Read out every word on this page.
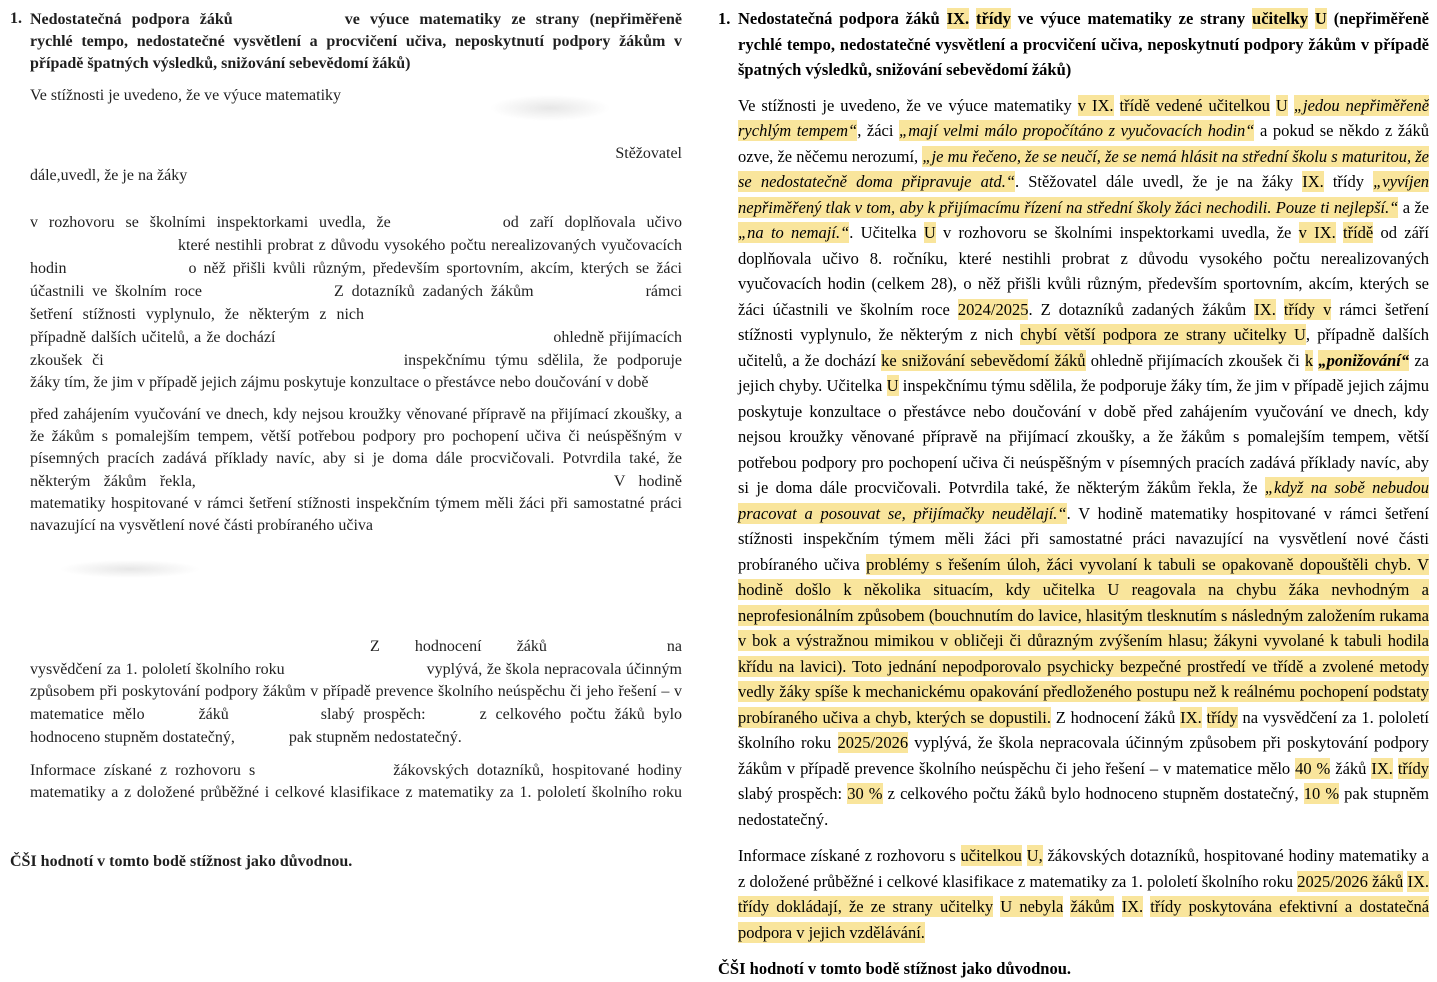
1. Nedostatečná podpora žáků	ve výuce matematiky ze strany (nepřiměřeně rychlé tempo, nedostatečné vysvětlení a procvičení učiva, neposkytnutí podpory žákům v případě špatných výsledků, snižování sebevědomí žáků)
Ve stížnosti je uvedeno, že ve výuce matematiky
Stěžovatel
dále,uvedl, že je na žáky
v rozhovoru se školními inspektorkami uvedla, že	od zaří doplňovala učivokteré nestihli probrat z důvodu vysokého počtu nerealizovaných vyučovacích hodin	o něž přišli kvůli různým, především sportovním, akcím, kterých se žáci účastnili ve školním roce	Z dotazníků zadaných žákům	rámci šetření stížnosti vyplynulo, že některým z nichpřípadně dalších učitelů, a že dochází	ohledně přijímacích zkoušek či	inspekčnímu týmu sdělila, že podporuje žáky tím, že jim v případě jejich zájmu poskytuje konzultace o přestávce nebo doučování v době
před zahájením vyučování ve dnech, kdy nejsou kroužky věnované přípravě na přijímací zkoušky, a že žákům s pomalejším tempem, větší potřebou podpory pro pochopení učiva či neúspěšným v písemných pracích zadává příklady navíc, aby si je doma dále procvičovali. Potvrdila také, že některým žákům řekla,	V hodině matematiky hospitované v rámci šetření stížnosti inspekčním týmem měli žáci při samostatné práci navazující na vysvětlení nové části probíraného učiva
Z hodnocení žáků	na vysvědčení za 1. pololetí školního roku	vyplývá, že škola nepracovala účinným způsobem při poskytování podpory žákům v případě prevence školního neúspěchu či jeho řešení – v matematice mělo	žáků	slabý prospěch:	z celkového počtu žáků bylo hodnoceno stupněm dostatečný,	pak stupněm nedostatečný.
Informace získané z rozhovoru s	žákovských dotazníků, hospitované hodiny matematiky a z doložené průběžné i celkové klasifikace z matematiky za 1. pololetí školního roku
ČŠI hodnotí v tomto bodě stížnost jako důvodnou.
1. Nedostatečná podpora žáků IX. třídy ve výuce matematiky ze strany učitelky U (nepřiměřeně rychlé tempo, nedostatečné vysvětlení a procvičení učiva, neposkytnutí podpory žákům v případě špatných výsledků, snižování sebevědomí žáků)
Ve stížnosti je uvedeno, že ve výuce matematiky v IX. třídě vedené učitelkou U „jedou nepřiměřeně rychlým tempem“, žáci „mají velmi málo propočítáno z vyučovacích hodin“ a pokud se někdo z žáků ozve, že něčemu nerozumí, „je mu řečeno, že se neučí, že se nemá hlásit na střední školu s maturitou, že se nedostatečně doma připravuje atd.“. Stěžovatel dále uvedl, že je na žáky IX. třídy „vyvíjen nepřiměřený tlak v tom, aby k přijímacímu řízení na střední školy žáci nechodili. Pouze ti nejlepší.“ a že „na to nemají.“. Učitelka U v rozhovoru se školními inspektorkami uvedla, že v IX. třídě od září doplňovala učivo 8. ročníku, které nestihli probrat z důvodu vysokého počtu nerealizovaných vyučovacích hodin (celkem 28), o něž přišli kvůli různým, především sportovním, akcím, kterých se žáci účastnili ve školním roce 2024/2025. Z dotazníků zadaných žákům IX. třídy v rámci šetření stížnosti vyplynulo, že některým z nich chybí větší podpora ze strany učitelky U, případně dalších učitelů, a že dochází ke snižování sebevědomí žáků ohledně přijímacích zkoušek či k „ponižování“ za jejich chyby. Učitelka U inspekčnímu týmu sdělila, že podporuje žáky tím, že jim v případě jejich zájmu poskytuje konzultace o přestávce nebo doučování v době před zahájením vyučování ve dnech, kdy nejsou kroužky věnované přípravě na přijímací zkoušky, a že žákům s pomalejším tempem, větší potřebou podpory pro pochopení učiva či neúspěšným v písemných pracích zadává příklady navíc, aby si je doma dále procvičovali. Potvrdila také, že některým žákům řekla, že „když na sobě nebudou pracovat a posouvat se, přijímačky neudělají.“. V hodině matematiky hospitované v rámci šetření stížnosti inspekčním týmem měli žáci při samostatné práci navazující na vysvětlení nové části probíraného učiva problémy s řešením úloh, žáci vyvolaní k tabuli se opakovaně dopouštěli chyb. V hodině došlo k několika situacím, kdy učitelka U reagovala na chybu žáka nevhodným a neprofesionálním způsobem (bouchnutím do lavice, hlasitým tlesknutím s následným založením rukama v bok a výstražnou mimikou v obličeji či důrazným zvýšením hlasu; žákyni vyvolané k tabuli hodila křídu na lavici). Toto jednání nepodporovalo psychicky bezpečné prostředí ve třídě a zvolené metody vedly žáky spíše k mechanickému opakování předloženého postupu než k reálnému pochopení podstaty probíraného učiva a chyb, kterých se dopustili. Z hodnocení žáků IX. třídy na vysvědčení za 1. pololetí školního roku 2025/2026 vyplývá, že škola nepracovala účinným způsobem při poskytování podpory žákům v případě prevence školního neúspěchu či jeho řešení – v matematice mělo 40 % žáků IX. třídy slabý prospěch: 30 % z celkového počtu žáků bylo hodnoceno stupněm dostatečný, 10 % pak stupněm nedostatečný.
Informace získané z rozhovoru s učitelkou U, žákovských dotazníků, hospitované hodiny matematiky a z doložené průběžné i celkové klasifikace z matematiky za 1. pololetí školního roku 2025/2026 žáků IX. třídy dokládají, že ze strany učitelky U nebyla žákům IX. třídy poskytována efektivní a dostatečná podpora v jejich vzdělávání.
ČŠI hodnotí v tomto bodě stížnost jako důvodnou.
